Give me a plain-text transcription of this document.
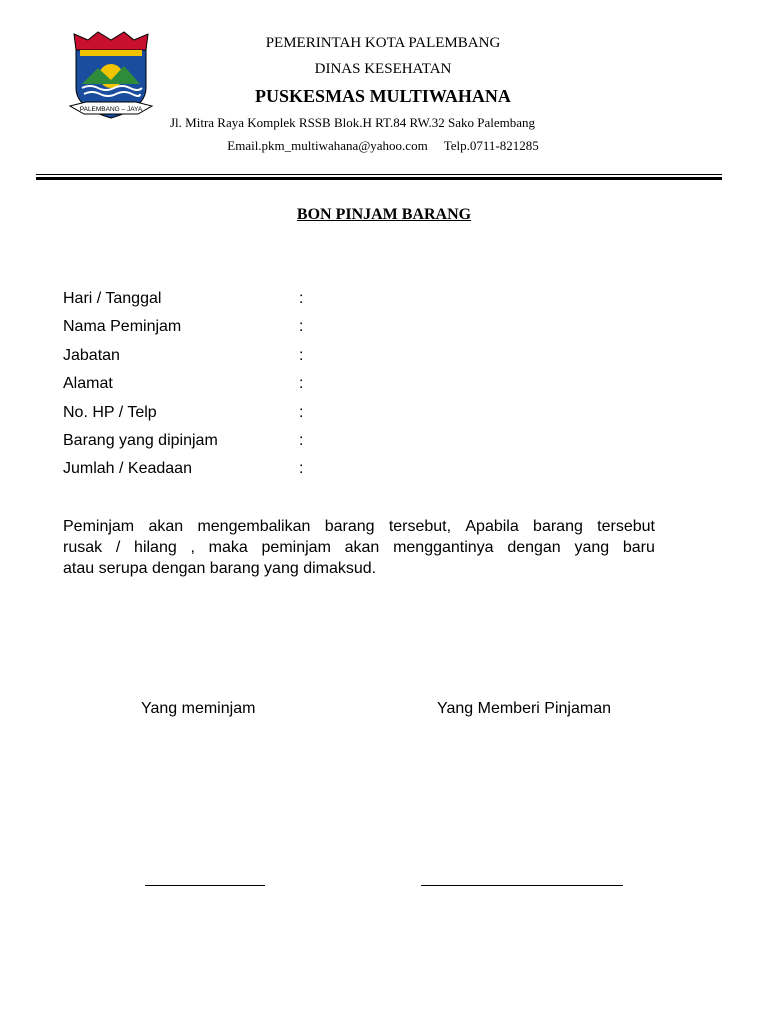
PALEMBANG – JAYA
PEMERINTAH KOTA PALEMBANG
DINAS KESEHATAN
PUSKESMAS MULTIWAHANA
Jl. Mitra Raya Komplek RSSB Blok.H RT.84 RW.32 Sako Palembang
Email.pkm_multiwahana@yahoo.com Telp.0711-821285
BON PINJAM BARANG
Hari / Tanggal	:
Nama Peminjam	:
Jabatan	:
Alamat	:
No. HP / Telp	:
Barang yang dipinjam	:
Jumlah / Keadaan	:

Peminjam akan mengembalikan barang tersebut, Apabila barang tersebut

rusak / hilang , maka peminjam akan menggantinya dengan yang baru

atau serupa dengan barang yang dimaksud.

Yang meminjam	Yang Memberi Pinjaman
